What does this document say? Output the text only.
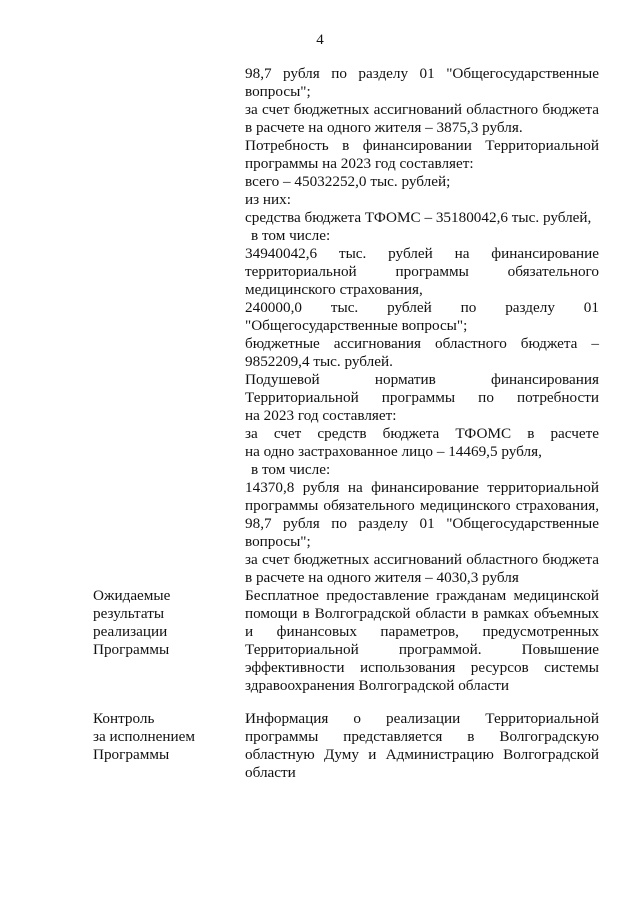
4
98,7 рубля по разделу 01 "Общегосударственные
вопросы";
за счет бюджетных ассигнований областного бюджета
в расчете на одного жителя – 3875,3 рубля.
Потребность в финансировании Территориальной
программы на 2023 год составляет:
всего – 45032252,0 тыс. рублей;
из них:
средства бюджета ТФОМС – 35180042,6 тыс. рублей,
в том числе:
34940042,6 тыс. рублей на финансирование
территориальной программы обязательного
медицинского страхования,
240000,0 тыс. рублей по разделу 01
"Общегосударственные вопросы";
бюджетные ассигнования областного бюджета –
9852209,4 тыс. рублей.
Подушевой норматив финансирования
Территориальной программы по потребности
на 2023 год составляет:
за счет средств бюджета ТФОМС в расчете
на одно застрахованное лицо – 14469,5 рубля,
в том числе:
14370,8 рубля на финансирование территориальной
программы обязательного медицинского страхования,
98,7 рубля по разделу 01 "Общегосударственные
вопросы";
за счет бюджетных ассигнований областного бюджета
в расчете на одного жителя – 4030,3 рубля
Ожидаемые
результаты
реализации
Программы
Бесплатное предоставление гражданам медицинской
помощи в Волгоградской области в рамках объемных
и финансовых параметров, предусмотренных
Территориальной программой. Повышение
эффективности использования ресурсов системы
здравоохранения Волгоградской области
Контроль
за исполнением
Программы
Информация о реализации Территориальной
программы представляется в Волгоградскую
областную Думу и Администрацию Волгоградской
области
